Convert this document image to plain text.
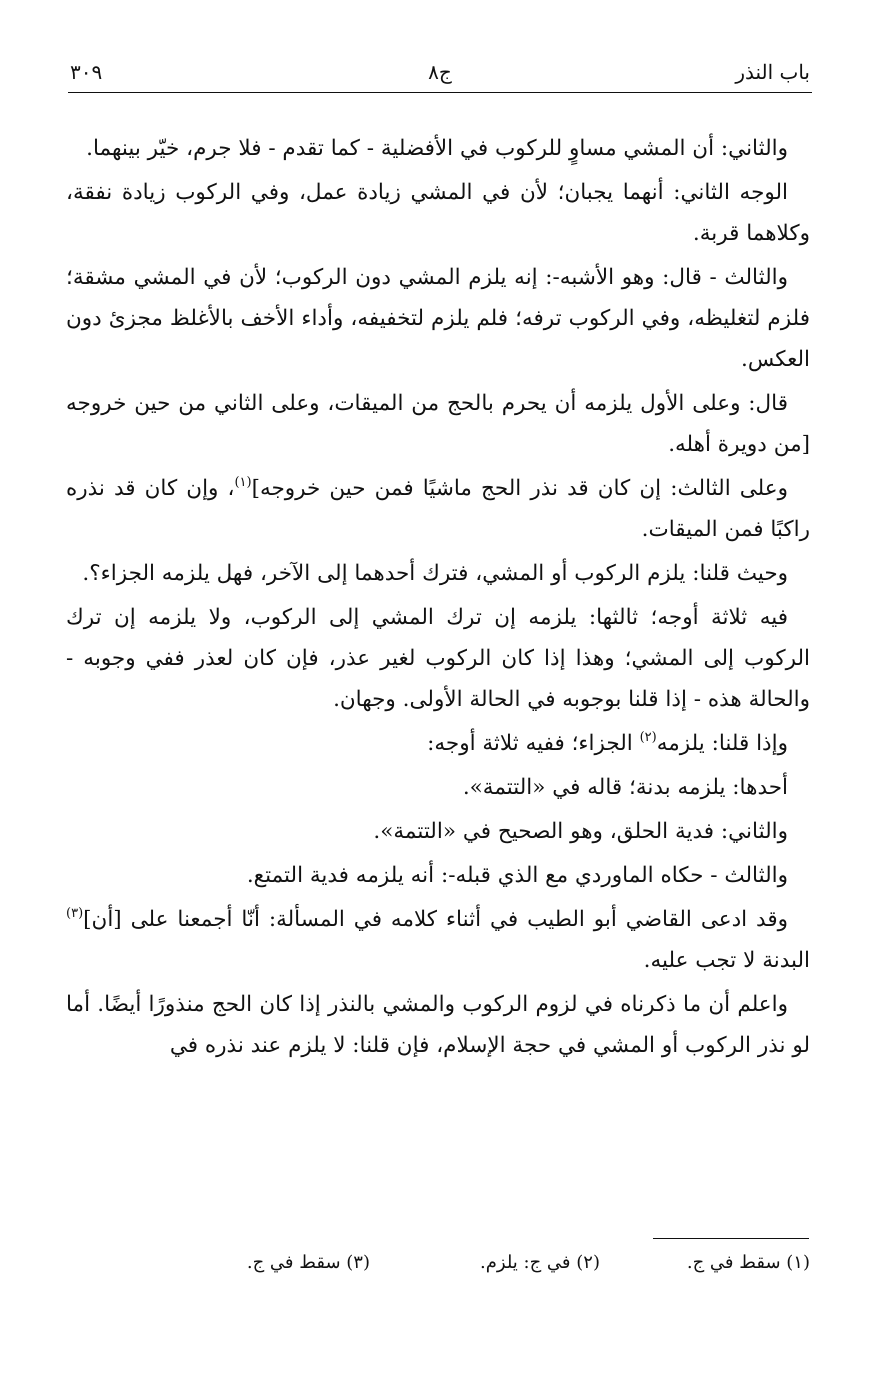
باب النذر
ج٨
٣٠٩

والثاني: أن المشي مساوٍ للركوب في الأفضلية - كما تقدم - فلا جرم، خيّر بينهما.

الوجه الثاني: أنهما يجبان؛ لأن في المشي زيادة عمل، وفي الركوب زيادة نفقة، وكلاهما قربة.

والثالث - قال: وهو الأشبه-: إنه يلزم المشي دون الركوب؛ لأن في المشي مشقة؛ فلزم لتغليظه، وفي الركوب ترفه؛ فلم يلزم لتخفيفه، وأداء الأخف بالأغلظ مجزئ دون العكس.

قال: وعلى الأول يلزمه أن يحرم بالحج من الميقات، وعلى الثاني من حين خروجه [من دويرة أهله.

وعلى الثالث: إن كان قد نذر الحج ماشيًا فمن حين خروجه]$^{(١)}$، وإن كان قد نذره راكبًا فمن الميقات.

وحيث قلنا: يلزم الركوب أو المشي، فترك أحدهما إلى الآخر، فهل يلزمه الجزاء؟.

فيه ثلاثة أوجه؛ ثالثها: يلزمه إن ترك المشي إلى الركوب، ولا يلزمه إن ترك الركوب إلى المشي؛ وهذا إذا كان الركوب لغير عذر، فإن كان لعذر ففي وجوبه - والحالة هذه - إذا قلنا بوجوبه في الحالة الأولى. وجهان.

وإذا قلنا: يلزمه$^{(٢)}$ الجزاء؛ ففيه ثلاثة أوجه:

أحدها: يلزمه بدنة؛ قاله في «التتمة».

والثاني: فدية الحلق، وهو الصحيح في «التتمة».

والثالث - حكاه الماوردي مع الذي قبله-: أنه يلزمه فدية التمتع.

وقد ادعى القاضي أبو الطيب في أثناء كلامه في المسألة: أنّا أجمعنا على [أن]$^{(٣)}$ البدنة لا تجب عليه.

واعلم أن ما ذكرناه في لزوم الركوب والمشي بالنذر إذا كان الحج منذورًا أيضًا. أما لو نذر الركوب أو المشي في حجة الإسلام، فإن قلنا: لا يلزم عند نذره في

(١) سقط في ج.
(٢) في ج: يلزم.
(٣) سقط في ج.
